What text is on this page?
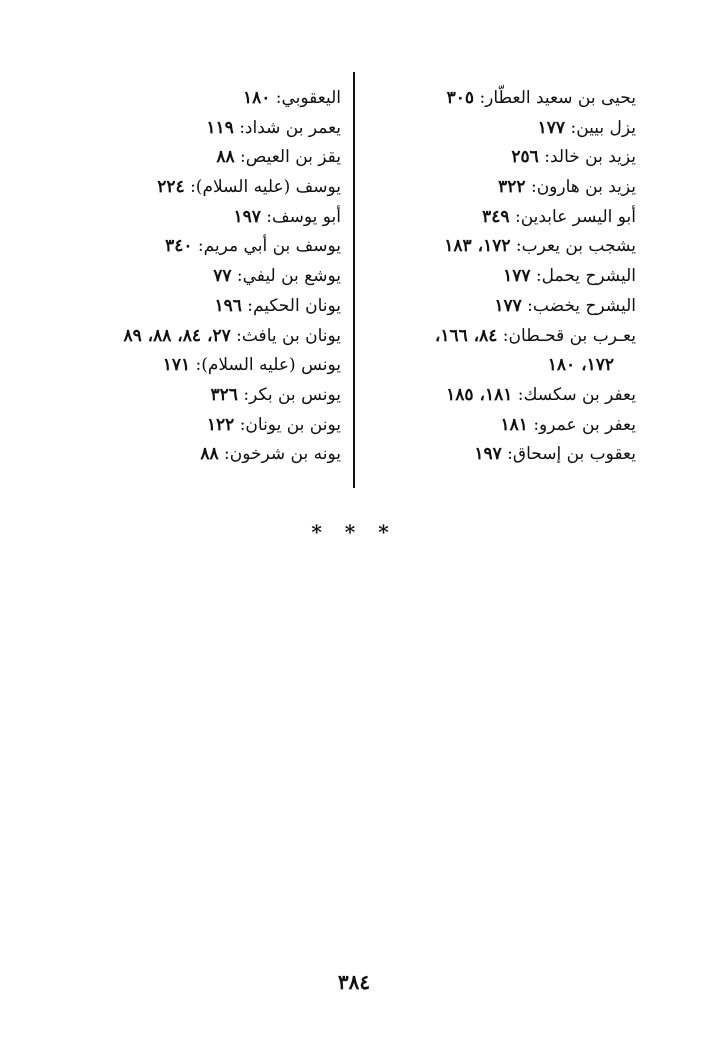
يحيى بن سعيد العطّار: ٣٠٥
يزل بيين: ١٧٧
يزيد بن خالد: ٢٥٦
يزيد بن هارون: ٣٢٢
أبو اليسر عابدين: ٣٤٩
يشجب بن يعرب: ١٧٢، ١٨٣
اليشرح يحمل: ١٧٧
اليشرح يخضب: ١٧٧
يعـرب بن قحـطان: ٨٤، ١٦٦،
١٧٢، ١٨٠
يعفر بن سكسك: ١٨١، ١٨٥
يعفر بن عمرو: ١٨١
يعقوب بن إسحاق: ١٩٧
اليعقوبي: ١٨٠
يعمر بن شداد: ١١٩
يقز بن العيص: ٨٨
يوسف (عليه السلام): ٢٢٤
أبو يوسف: ١٩٧
يوسف بن أبي مريم: ٣٤٠
يوشع بن ليفي: ٧٧
يونان الحكيم: ١٩٦
يونان بن يافث: ٢٧، ٨٤، ٨٨، ٨٩
يونس (عليه السلام): ١٧١
يونس بن بكر: ٣٢٦
يونن بن يونان: ١٢٢
يونه بن شرخون: ٨٨
* * *
٣٨٤
